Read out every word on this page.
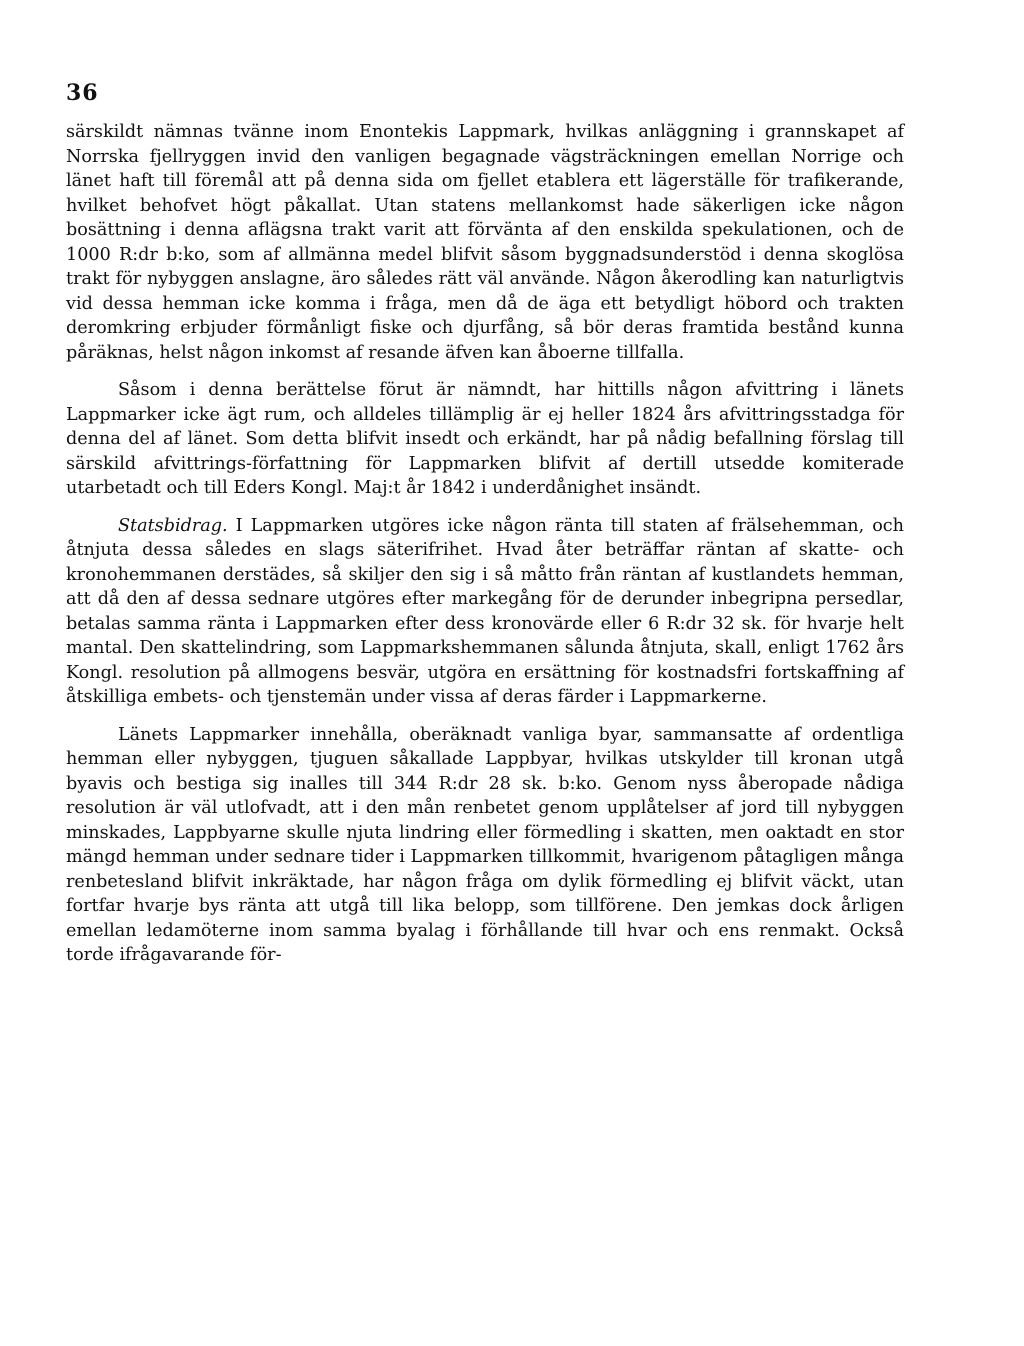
36

särskildt nämnas tvänne inom Enontekis Lappmark, hvilkas anläggning i grannskapet af Norrska fjellryggen invid den vanligen begagnade vägsträckningen emellan Norrige och länet haft till föremål att på denna sida om fjellet etablera ett lägerställe för trafikerande, hvilket behofvet högt påkallat. Utan statens mellankomst hade säkerligen icke någon bosättning i denna aflägsna trakt varit att förvänta af den enskilda spekulationen, och de 1000 R:dr b:ko, som af allmänna medel blifvit såsom byggnadsunderstöd i denna skoglösa trakt för nybyggen anslagne, äro således rätt väl använde. Någon åkerodling kan naturligtvis vid dessa hemman icke komma i fråga, men då de äga ett betydligt höbord och trakten deromkring erbjuder förmånligt fiske och djurfång, så bör deras framtida bestånd kunna påräknas, helst någon inkomst af resande äfven kan åboerne tillfalla.

Såsom i denna berättelse förut är nämndt, har hittills någon afvittring i länets Lappmarker icke ägt rum, och alldeles tillämplig är ej heller 1824 års afvittringsstadga för denna del af länet. Som detta blifvit insedt och erkändt, har på nådig befallning förslag till särskild afvittrings-författning för Lappmarken blifvit af dertill utsedde komiterade utarbetadt och till Eders Kongl. Maj:t år 1842 i underdånighet insändt.

Statsbidrag. I Lappmarken utgöres icke någon ränta till staten af frälsehemman, och åtnjuta dessa således en slags säterifrihet. Hvad åter beträffar räntan af skatte- och kronohemmanen derstädes, så skiljer den sig i så måtto från räntan af kustlandets hemman, att då den af dessa sednare utgöres efter markegång för de derunder inbegripna persedlar, betalas samma ränta i Lappmarken efter dess kronovärde eller 6 R:dr 32 sk. för hvarje helt mantal. Den skattelindring, som Lappmarkshemmanen sålunda åtnjuta, skall, enligt 1762 års Kongl. resolution på allmogens besvär, utgöra en ersättning för kostnadsfri fortskaffning af åtskilliga embets- och tjenstemän under vissa af deras färder i Lappmarkerne.

Länets Lappmarker innehålla, oberäknadt vanliga byar, sammansatte af ordentliga hemman eller nybyggen, tjuguen såkallade Lappbyar, hvilkas utskylder till kronan utgå byavis och bestiga sig inalles till 344 R:dr 28 sk. b:ko. Genom nyss åberopade nådiga resolution är väl utlofvadt, att i den mån renbetet genom upplåtelser af jord till nybyggen minskades, Lappbyarne skulle njuta lindring eller förmedling i skatten, men oaktadt en stor mängd hemman under sednare tider i Lappmarken tillkommit, hvarigenom påtagligen många renbetesland blifvit inkräktade, har någon fråga om dylik förmedling ej blifvit väckt, utan fortfar hvarje bys ränta att utgå till lika belopp, som tillförene. Den jemkas dock årligen emellan ledamöterne inom samma byalag i förhållande till hvar och ens renmakt. Också torde ifrågavarande för-
